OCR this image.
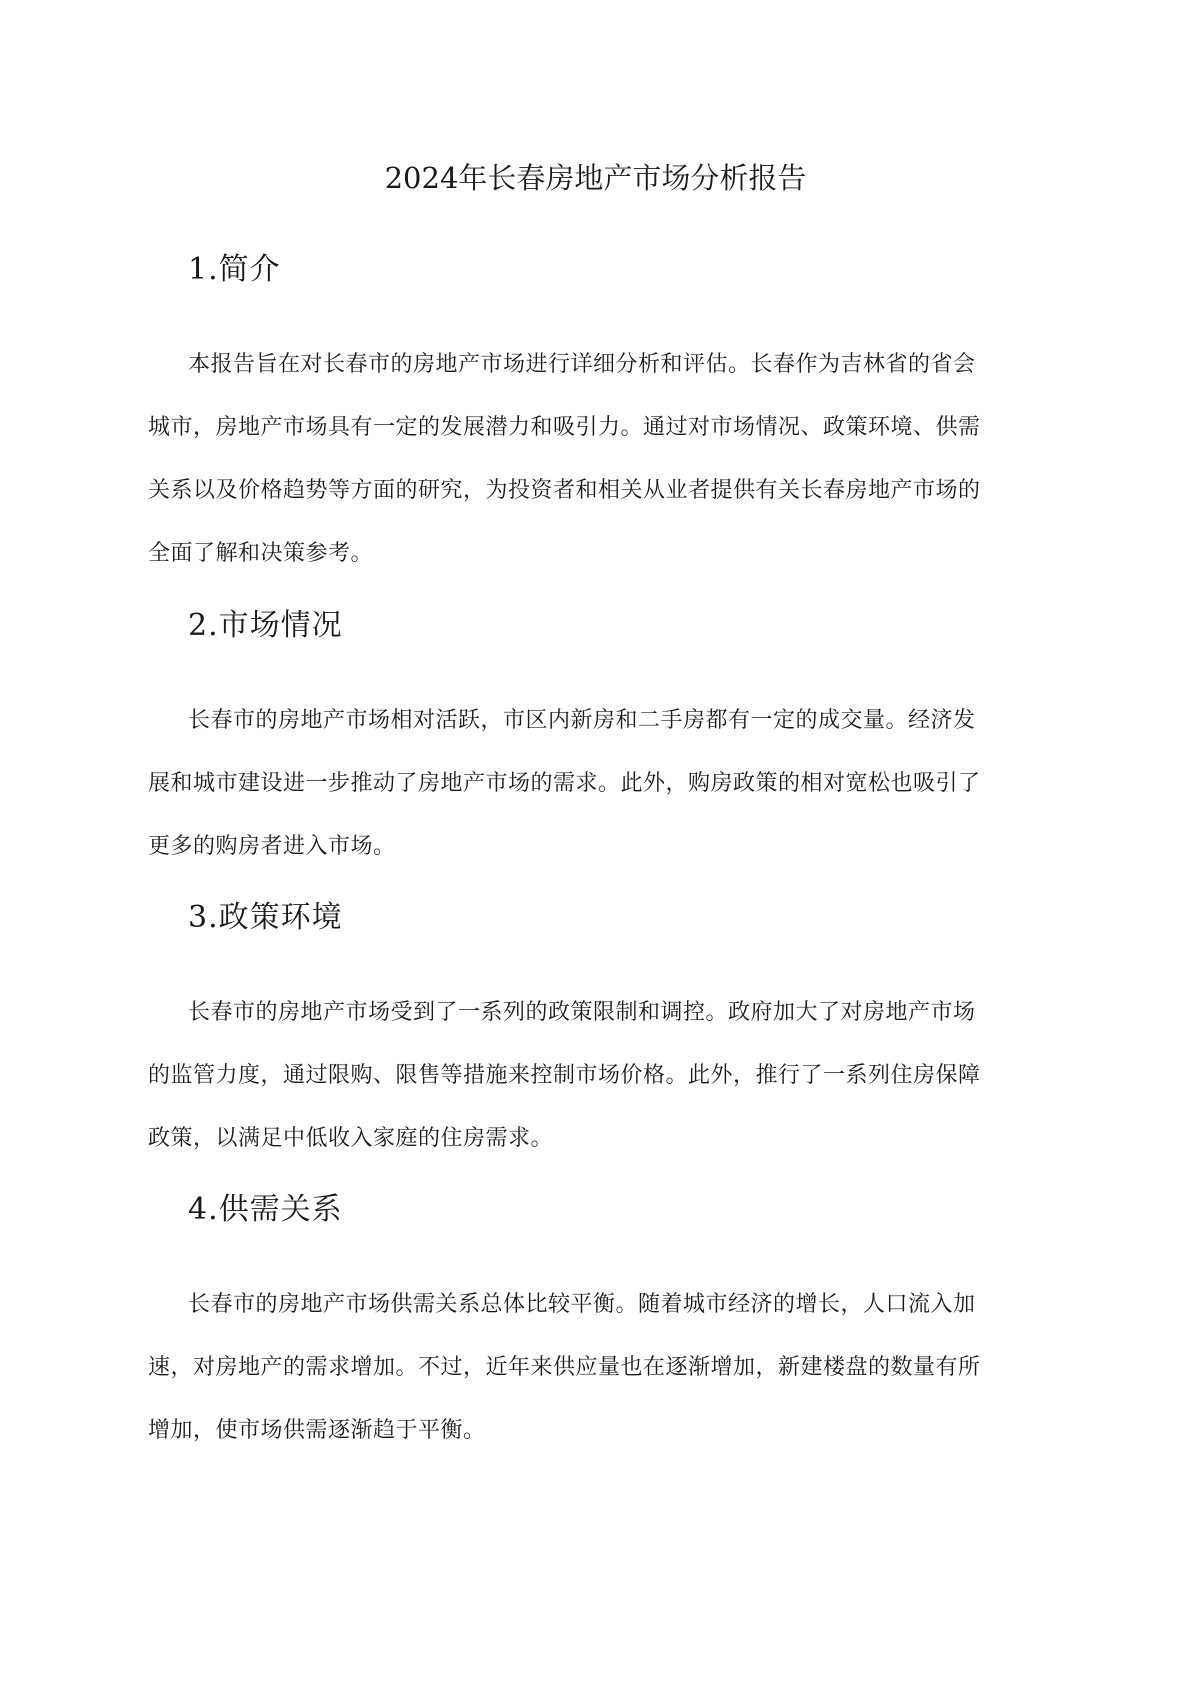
2024年长春房地产市场分析报告
1.简介

本报告旨在对长春市的房地产市场进行详细分析和评估。长春作为吉林省的省会
城市，房地产市场具有一定的发展潜力和吸引力。通过对市场情况、政策环境、供需
关系以及价格趋势等方面的研究，为投资者和相关从业者提供有关长春房地产市场的
全面了解和决策参考。

2.市场情况

长春市的房地产市场相对活跃，市区内新房和二手房都有一定的成交量。经济发
展和城市建设进一步推动了房地产市场的需求。此外，购房政策的相对宽松也吸引了
更多的购房者进入市场。

3.政策环境

长春市的房地产市场受到了一系列的政策限制和调控。政府加大了对房地产市场
的监管力度，通过限购、限售等措施来控制市场价格。此外，推行了一系列住房保障
政策，以满足中低收入家庭的住房需求。

4.供需关系

长春市的房地产市场供需关系总体比较平衡。随着城市经济的增长，人口流入加
速，对房地产的需求增加。不过，近年来供应量也在逐渐增加，新建楼盘的数量有所
增加，使市场供需逐渐趋于平衡。
